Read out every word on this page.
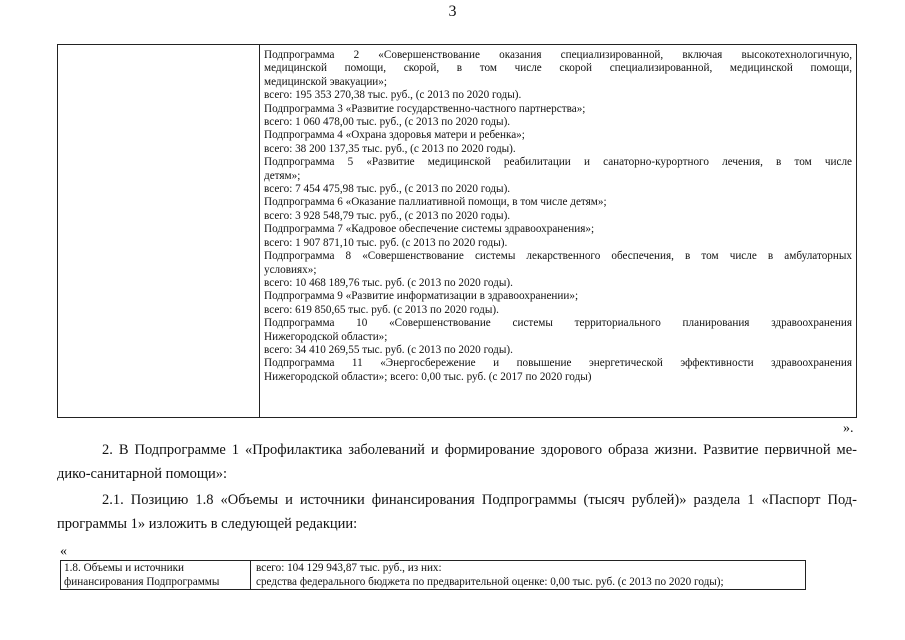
3
Подпрограмма 2 «Совершенствование оказания специализированной, включая высокотехнологичную,
медицинской помощи, скорой, в том числе скорой специализированной, медицинской помощи,
медицинской эвакуации»;
всего: 195 353 270,38 тыс. руб., (с 2013 по 2020 годы).
Подпрограмма 3 «Развитие государственно-частного партнерства»;
всего: 1 060 478,00 тыс. руб., (с 2013 по 2020 годы).
Подпрограмма 4 «Охрана здоровья матери и ребенка»;
всего: 38 200 137,35 тыс. руб., (с 2013 по 2020 годы).
Подпрограмма 5 «Развитие медицинской реабилитации и санаторно-курортного лечения, в том числе
детям»;
всего: 7 454 475,98 тыс. руб., (с 2013 по 2020 годы).
Подпрограмма 6 «Оказание паллиативной помощи, в том числе детям»;
всего: 3 928 548,79 тыс. руб., (с 2013 по 2020 годы).
Подпрограмма 7 «Кадровое обеспечение системы здравоохранения»;
всего: 1 907 871,10 тыс. руб. (с 2013 по 2020 годы).
Подпрограмма 8 «Совершенствование системы лекарственного обеспечения, в том числе в амбулаторных
условиях»;
всего: 10 468 189,76 тыс. руб. (с 2013 по 2020 годы).
Подпрограмма 9 «Развитие информатизации в здравоохранении»;
всего: 619 850,65 тыс. руб. (с 2013 по 2020 годы).
Подпрограмма 10 «Совершенствование системы территориального планирования здравоохранения
Нижегородской области»;
всего: 34 410 269,55 тыс. руб. (с 2013 по 2020 годы).
Подпрограмма 11 «Энергосбережение и повышение энергетической эффективности здравоохранения
Нижегородской области»; всего: 0,00 тыс. руб. (с 2017 по 2020 годы)
».
2. В Подпрограмме 1 «Профилактика заболеваний и формирование здорового образа жизни. Развитие первичной ме-
дико-санитарной помощи»:
2.1. Позицию 1.8 «Объемы и источники финансирования Подпрограммы (тысяч рублей)» раздела 1 «Паспорт Под-
программы 1» изложить в следующей редакции:
«
1.8. Объемы и источники
финансирования Подпрограммы
всего: 104 129 943,87 тыс. руб., из них:
средства федерального бюджета по предварительной оценке: 0,00 тыс. руб. (с 2013 по 2020 годы);
